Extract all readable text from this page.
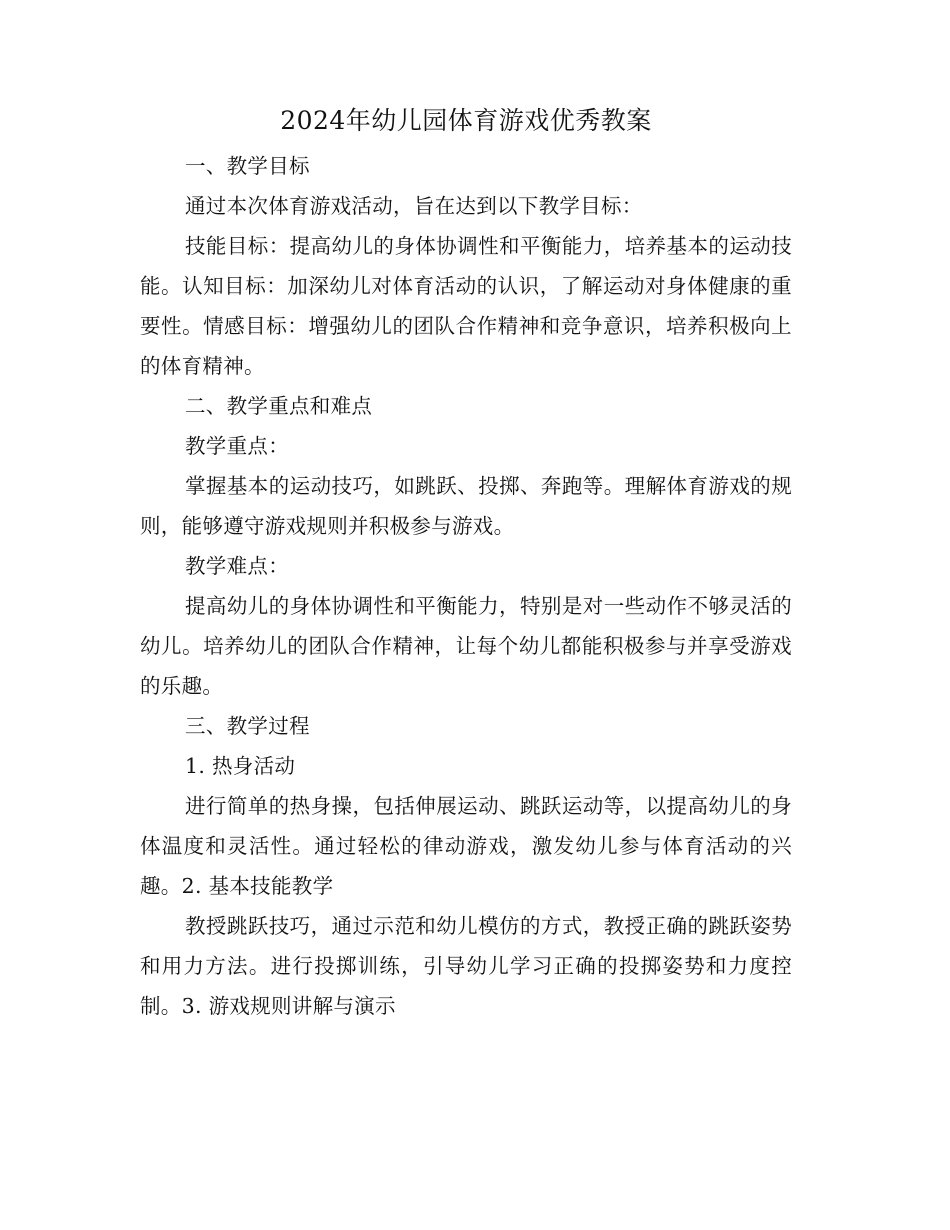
2024年幼儿园体育游戏优秀教案

一、教学目标

通过本次体育游戏活动，旨在达到以下教学目标：

技能目标：提高幼儿的身体协调性和平衡能力，培养基本的运动技能。认知目标：加深幼儿对体育活动的认识，了解运动对身体健康的重要性。情感目标：增强幼儿的团队合作精神和竞争意识，培养积极向上的体育精神。

二、教学重点和难点

教学重点：

掌握基本的运动技巧，如跳跃、投掷、奔跑等。理解体育游戏的规则，能够遵守游戏规则并积极参与游戏。

教学难点：

提高幼儿的身体协调性和平衡能力，特别是对一些动作不够灵活的幼儿。培养幼儿的团队合作精神，让每个幼儿都能积极参与并享受游戏的乐趣。

三、教学过程

1. 热身活动

进行简单的热身操，包括伸展运动、跳跃运动等，以提高幼儿的身体温度和灵活性。通过轻松的律动游戏，激发幼儿参与体育活动的兴趣。2. 基本技能教学

教授跳跃技巧，通过示范和幼儿模仿的方式，教授正确的跳跃姿势和用力方法。进行投掷训练，引导幼儿学习正确的投掷姿势和力度控制。3. 游戏规则讲解与演示
